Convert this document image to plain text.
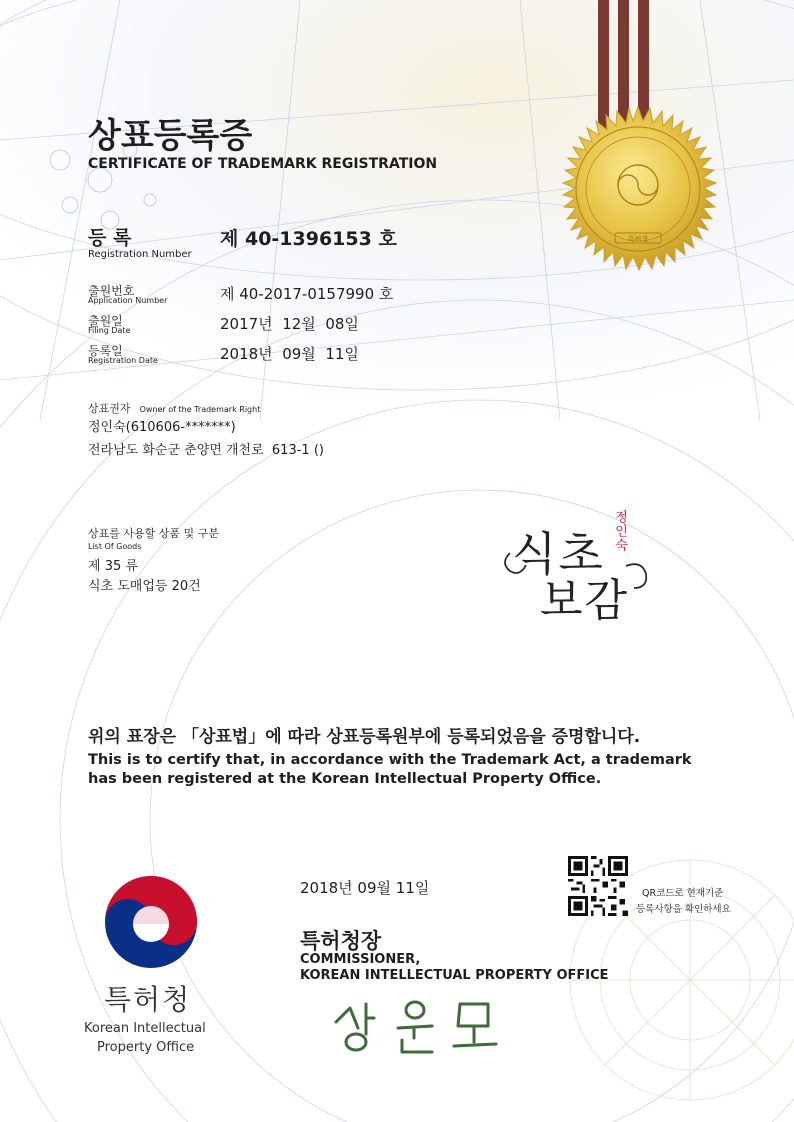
특허청
상표등록증
CERTIFICATE OF TRADEMARK REGISTRATION
등 록
Registration Number
제 40-1396153 호
출원번호
Application Number	제 40-2017-0157990 호
출원일
Filing Date	2017년  12월  08일
등록일
Registration Date	2018년  09월  11일
상표권자 Owner of the Trademark Right
정인숙(610606-*******)
전라남도 화순군 춘양면 개천로  613-1 ()
상표를 사용할 상품 및 구분
List Of Goods
제 35 류
식초 도매업등 20건
식초
보감
정인숙
위의 표장은 「상표법」에 따라 상표등록원부에 등록되었음을 증명합니다.
This is to certify that, in accordance with the Trademark Act, a trademark
has been registered at the Korean Intellectual Property Office.
특허청
Korean Intellectual
Property Office
2018년 09월 11일	QR코드로 현재기준
등록사항을 확인하세요
특허청장
COMMISSIONER,
KOREAN INTELLECTUAL PROPERTY OFFICE
